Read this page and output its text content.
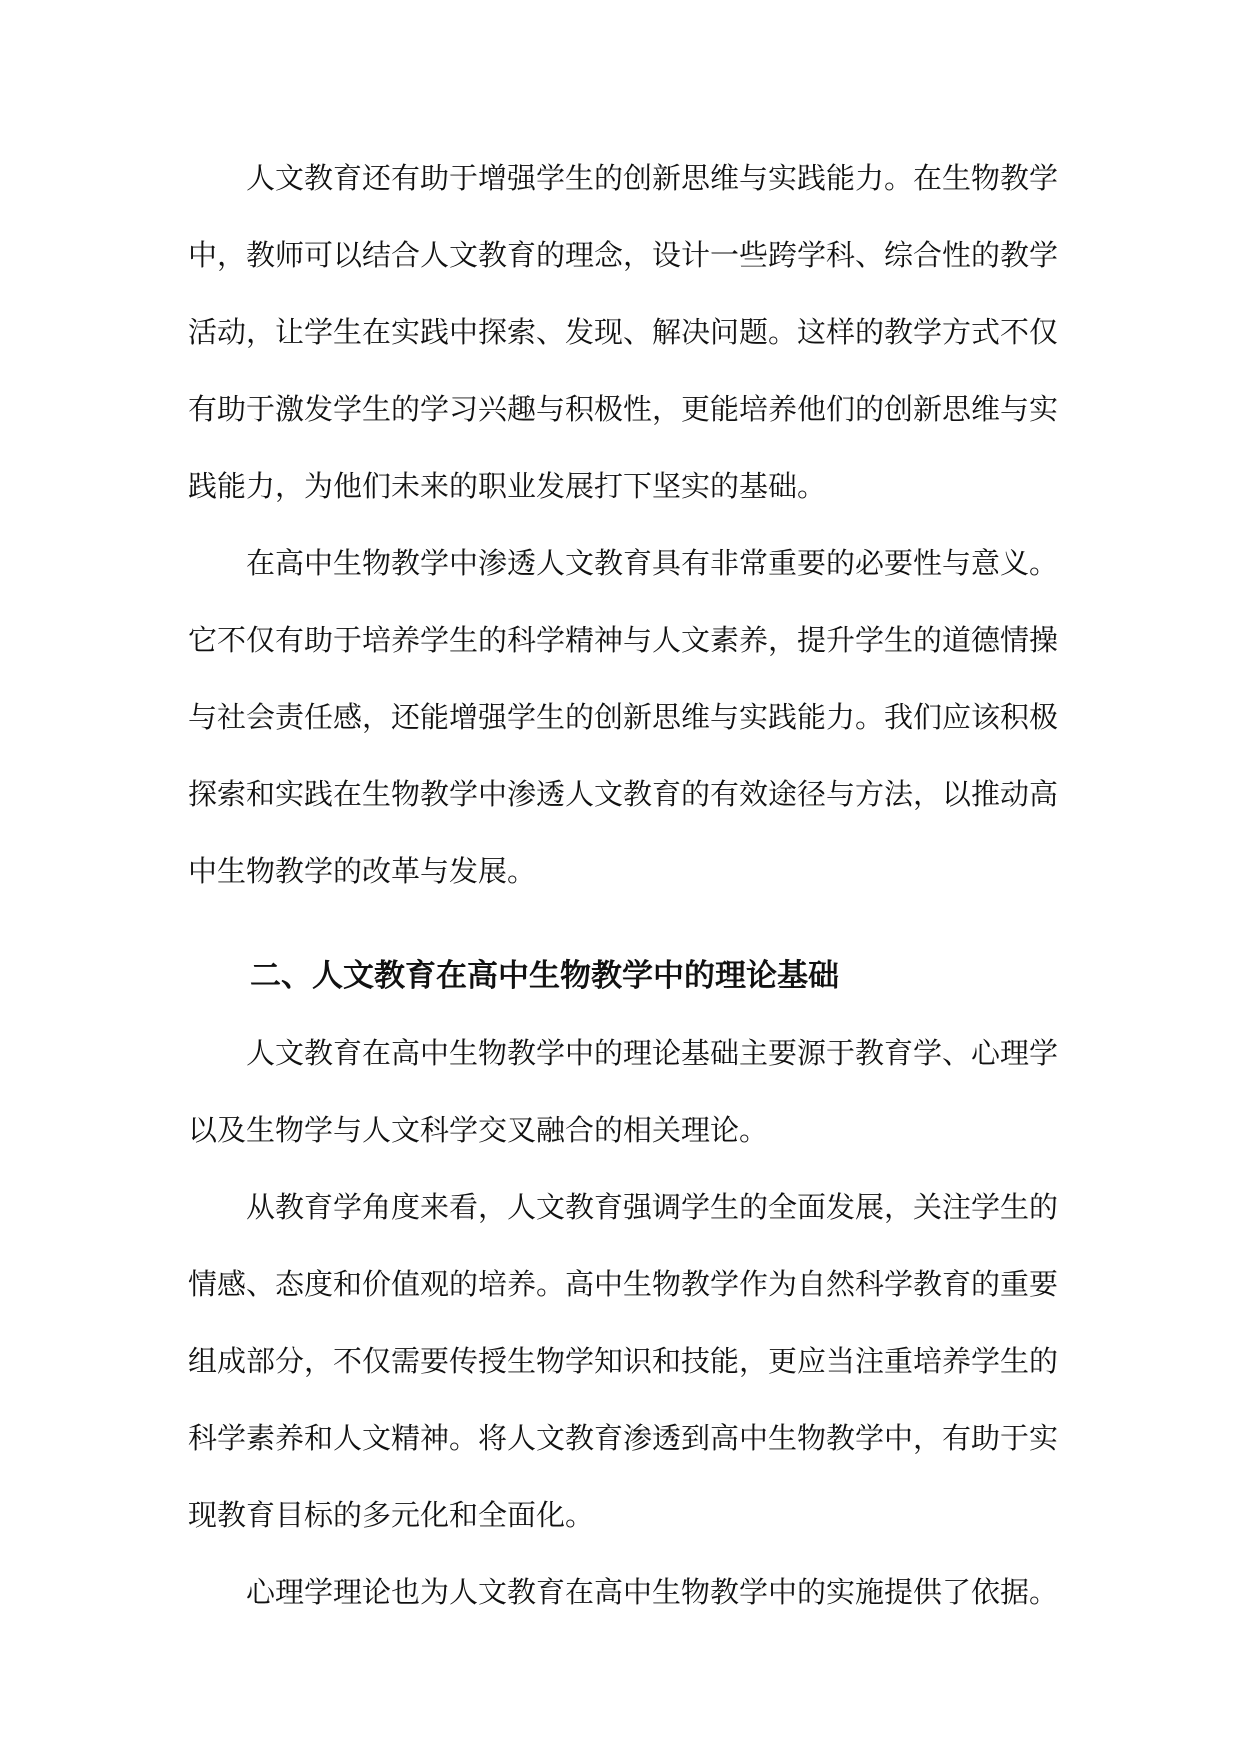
人文教育还有助于增强学生的创新思维与实践能力。在生物教学中，教师可以结合人文教育的理念，设计一些跨学科、综合性的教学活动，让学生在实践中探索、发现、解决问题。这样的教学方式不仅有助于激发学生的学习兴趣与积极性，更能培养他们的创新思维与实践能力，为他们未来的职业发展打下坚实的基础。

在高中生物教学中渗透人文教育具有非常重要的必要性与意义。它不仅有助于培养学生的科学精神与人文素养，提升学生的道德情操与社会责任感，还能增强学生的创新思维与实践能力。我们应该积极探索和实践在生物教学中渗透人文教育的有效途径与方法，以推动高中生物教学的改革与发展。

二、人文教育在高中生物教学中的理论基础

人文教育在高中生物教学中的理论基础主要源于教育学、心理学以及生物学与人文科学交叉融合的相关理论。

从教育学角度来看，人文教育强调学生的全面发展，关注学生的情感、态度和价值观的培养。高中生物教学作为自然科学教育的重要组成部分，不仅需要传授生物学知识和技能，更应当注重培养学生的科学素养和人文精神。将人文教育渗透到高中生物教学中，有助于实现教育目标的多元化和全面化。

心理学理论也为人文教育在高中生物教学中的实施提供了依据。
